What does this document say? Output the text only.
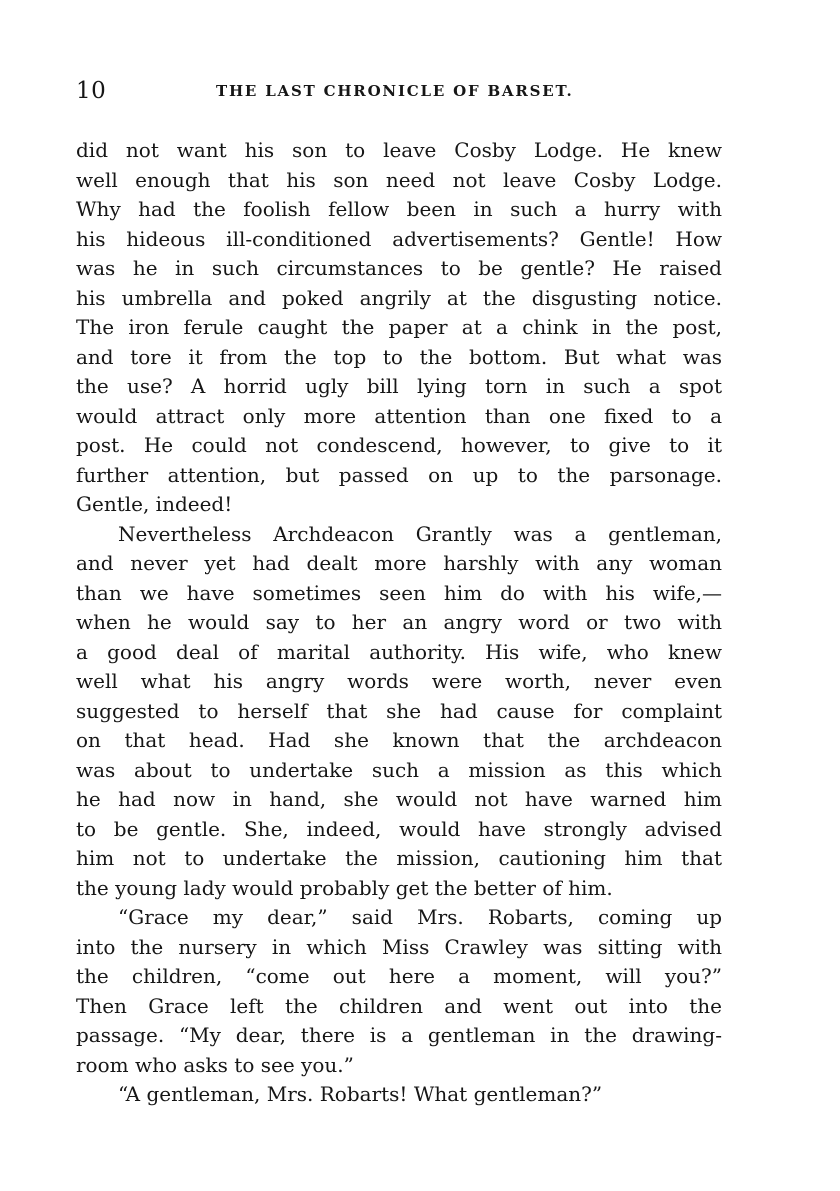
10	THE LAST CHRONICLE OF BARSET.
did not want his son to leave Cosby Lodge. He knew
well enough that his son need not leave Cosby Lodge.
Why had the foolish fellow been in such a hurry with
his hideous ill-conditioned advertisements? Gentle! How
was he in such circumstances to be gentle? He raised
his umbrella and poked angrily at the disgusting notice.
The iron ferule caught the paper at a chink in the post,
and tore it from the top to the bottom. But what was
the use? A horrid ugly bill lying torn in such a spot
would attract only more attention than one fixed to a
post. He could not condescend, however, to give to it
further attention, but passed on up to the parsonage.
Gentle, indeed!
Nevertheless Archdeacon Grantly was a gentleman,
and never yet had dealt more harshly with any woman
than we have sometimes seen him do with his wife,—
when he would say to her an angry word or two with
a good deal of marital authority. His wife, who knew
well what his angry words were worth, never even
suggested to herself that she had cause for complaint
on that head. Had she known that the archdeacon
was about to undertake such a mission as this which
he had now in hand, she would not have warned him
to be gentle. She, indeed, would have strongly advised
him not to undertake the mission, cautioning him that
the young lady would probably get the better of him.
“Grace my dear,” said Mrs. Robarts, coming up
into the nursery in which Miss Crawley was sitting with
the children, “come out here a moment, will you?”
Then Grace left the children and went out into the
passage. “My dear, there is a gentleman in the drawing-
room who asks to see you.”
“A gentleman, Mrs. Robarts! What gentleman?”
